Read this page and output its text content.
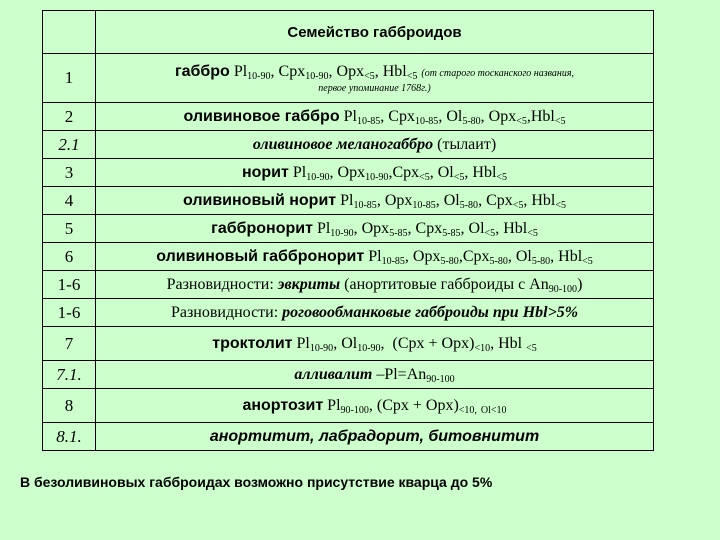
	Семейство габброидов
1	габбро $Pl_{10-90}$, Cpx$_{10-90}$, Opx$_{<5}$, Hbl$_{<5}$ (от старого тосканского названия,
первое упоминание 1768г.)

2	оливиновое габбро $Pl_{10-85}$, Cpx$_{10-85}$, $Ol_{5-80}$, Opx$_{<5}$,Hbl$_{<5}$
2.1	оливиновое меланогаббро (тылаит)
3	норит $Pl_{10-90}$, Opx$_{10-90}$,Cpx$_{<5}$, $Ol_{<5}$, Hbl$_{<5}$
4	оливиновый норит $Pl_{10-85}$, Opx$_{10-85}$, $Ol_{5-80}$, Cpx$_{<5}$, Hbl$_{<5}$
5	габбронорит $Pl_{10-90}$, Opx$_{5-85}$, Cpx$_{5-85}$, $Ol_{<5}$, Hbl$_{<5}$
6	оливиновый габбронорит $Pl_{10-85}$, Opx$_{5-80}$,Cpx$_{5-80}$, $Ol_{5-80}$, Hbl$_{<5}$
1-6	Разновидности: эвкриты (анортитовые габброиды с $An_{90-100}$)
1-6	Разновидности: роговообманковые габброиды при Hbl>5%
7	троктолит $Pl_{10-90}$, $Ol_{10-90}$,  $(Cpx + Opx)_{<10}$, Hbl $_{<5}$
7.1.	алливалит $-Pl=An_{90-100}$
8	анортозит $Pl_{90-100}$, $(Cpx + Opx)_{<10,}$ $_{Ol<10}$
8.1.	анортитит, лабрадорит, битовнитит
В безоливиновых габброидах возможно присутствие кварца до 5%
